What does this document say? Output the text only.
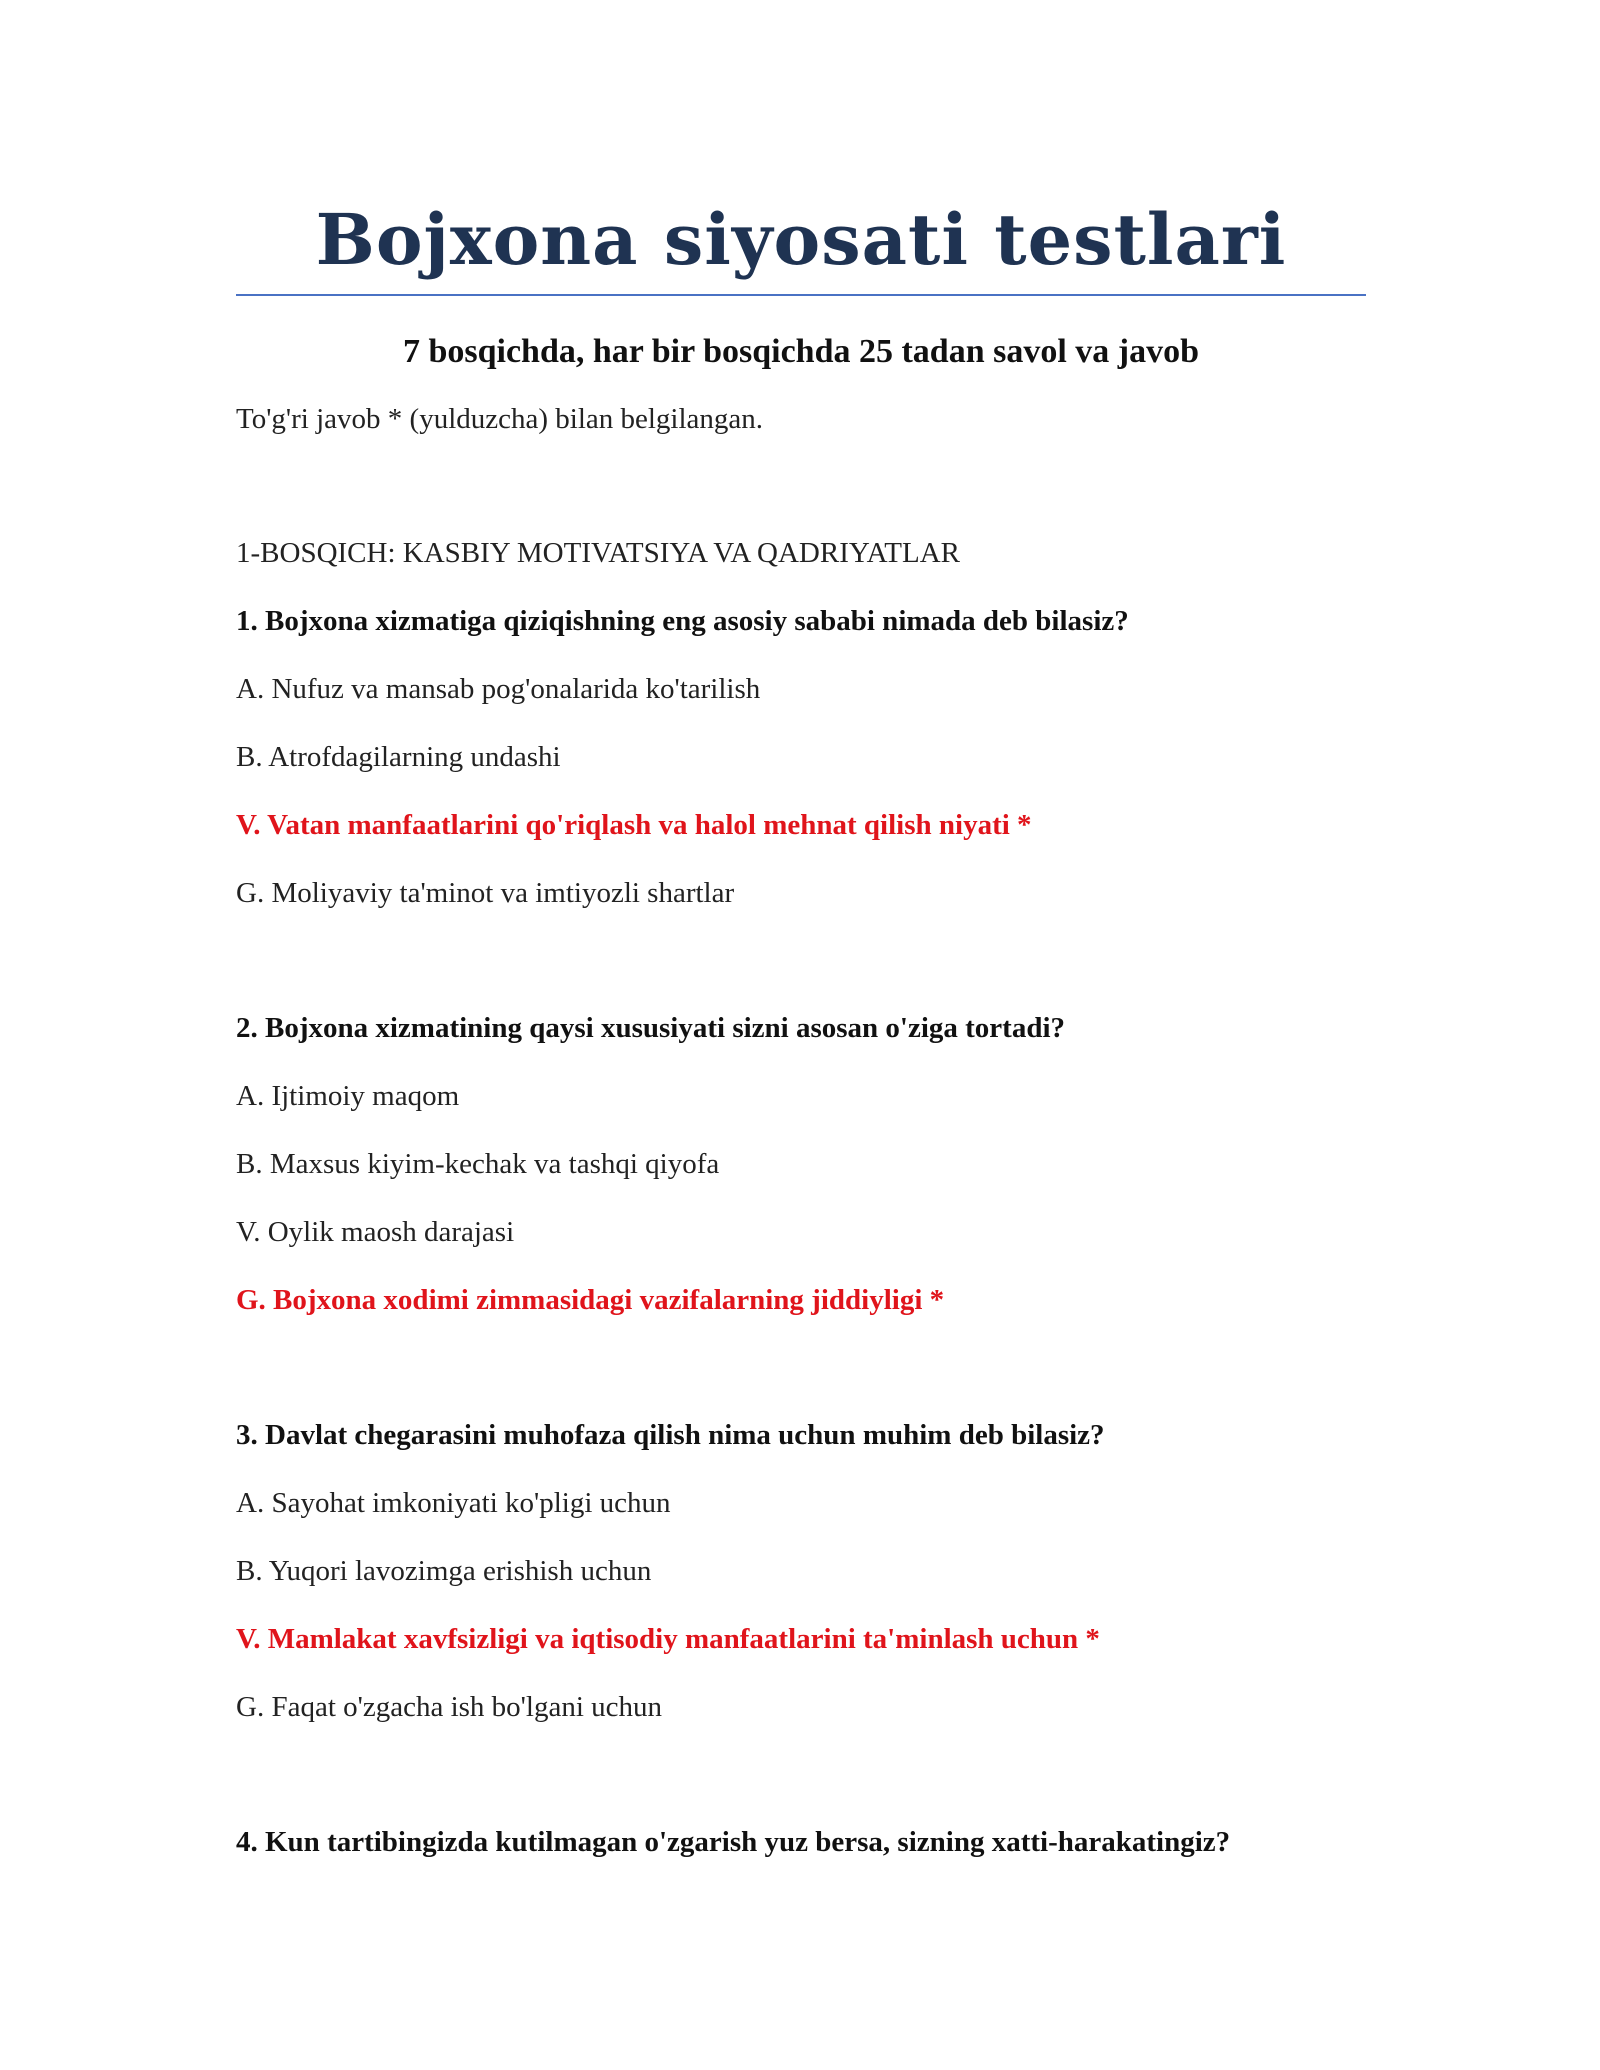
Bojxona siyosati testlari

7 bosqichda, har bir bosqichda 25 tadan savol va javob

To'g'ri javob * (yulduzcha) bilan belgilangan.

1-BOSQICH: KASBIY MOTIVATSIYA VA QADRIYATLAR

1. Bojxona xizmatiga qiziqishning eng asosiy sababi nimada deb bilasiz?

A. Nufuz va mansab pog'onalarida ko'tarilish

B. Atrofdagilarning undashi

V. Vatan manfaatlarini qo'riqlash va halol mehnat qilish niyati *

G. Moliyaviy ta'minot va imtiyozli shartlar

2. Bojxona xizmatining qaysi xususiyati sizni asosan o'ziga tortadi?

A. Ijtimoiy maqom

B. Maxsus kiyim-kechak va tashqi qiyofa

V. Oylik maosh darajasi

G. Bojxona xodimi zimmasidagi vazifalarning jiddiyligi *

3. Davlat chegarasini muhofaza qilish nima uchun muhim deb bilasiz?

A. Sayohat imkoniyati ko'pligi uchun

B. Yuqori lavozimga erishish uchun

V. Mamlakat xavfsizligi va iqtisodiy manfaatlarini ta'minlash uchun *

G. Faqat o'zgacha ish bo'lgani uchun

4. Kun tartibingizda kutilmagan o'zgarish yuz bersa, sizning xatti-harakatingiz?
